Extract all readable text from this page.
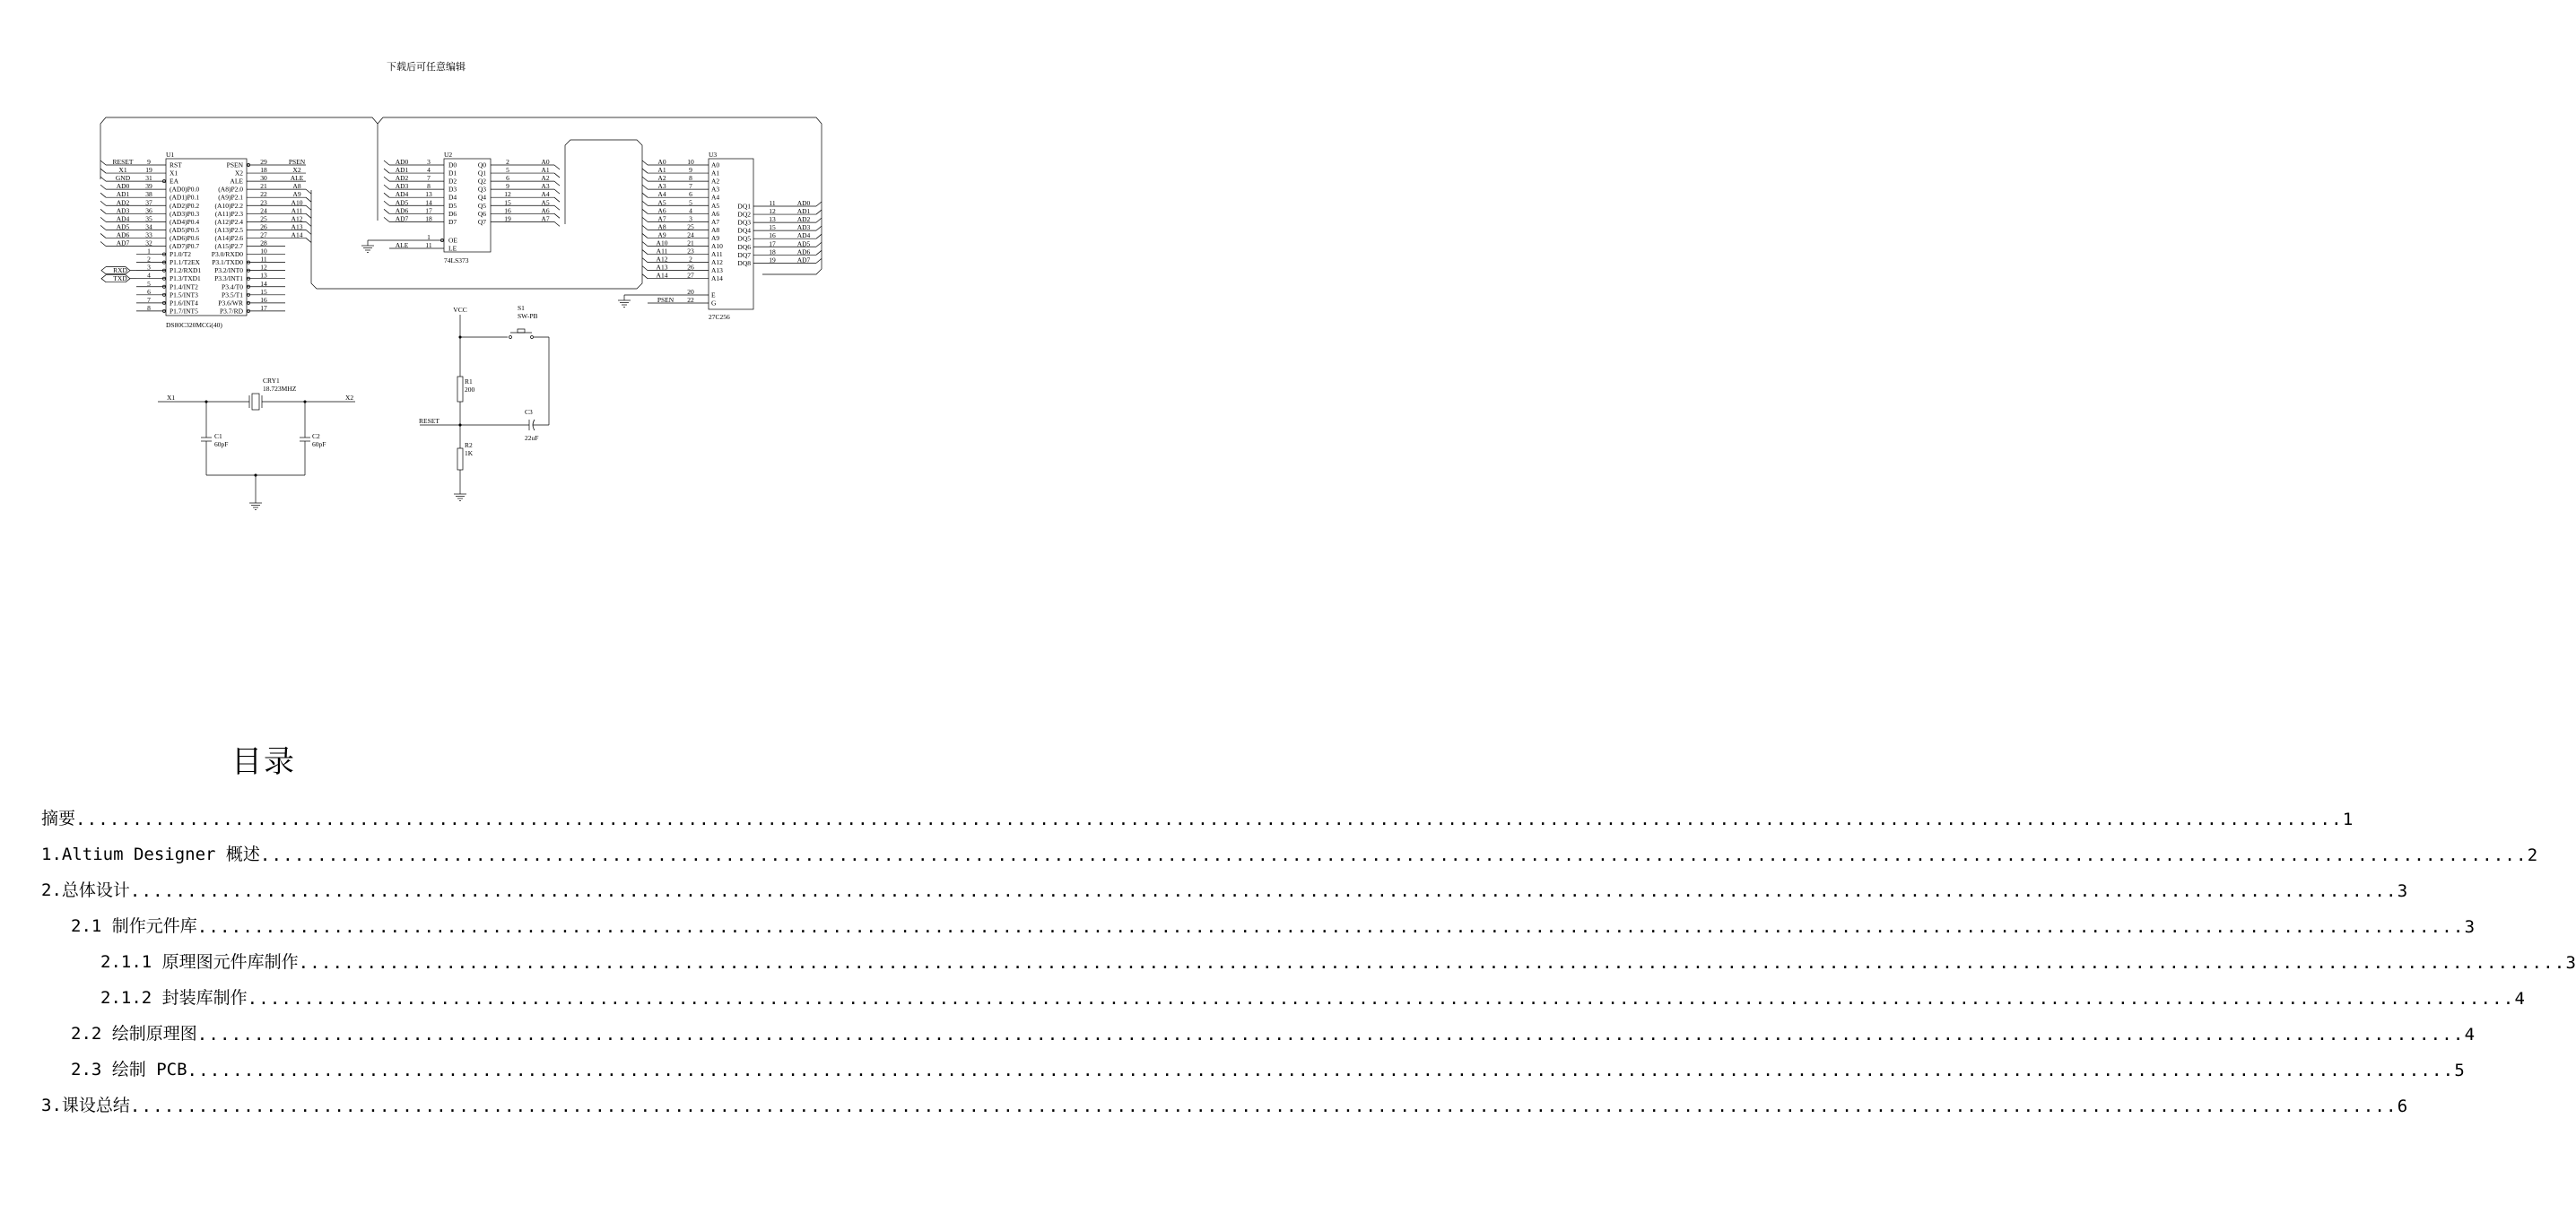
下载后可任意编辑
U1
DS80C320MCG(40)
RST
9
RESET
X1
19
X1
EA
31
GND
(AD0)P0.0
39
AD0
(AD1)P0.1
38
AD1
(AD2)P0.2
37
AD2
(AD3)P0.3
36
AD3
(AD4)P0.4
35
AD4
(AD5)P0.5
34
AD5
(AD6)P0.6
33
AD6
(AD7)P0.7
32
AD7
P1.0/T2
1
P1.1/T2EX
2
P1.2/RXD1
3
P1.3/TXD1
4
P1.4/INT2
5
P1.5/INT3
6
P1.6/INT4
7
P1.7/INT5
8
PSEN	29	PSEN
X2	18	X2
ALE	30	ALE
(A8)P2.0	21	A8
(A9)P2.1	22	A9
(A10)P2.2	23	A10
(A11)P2.3	24	A11
(A12)P2.4	25	A12
(A13)P2.5	26	A13
(A14)P2.6	27	A14
(A15)P2.7	28
P3.0/RXD0	10
P3.1/TXD0	11
P3.2/INT0	12
P3.3/INT1	13
P3.4/T0	14
P3.5/T1	15
P3.6/WR	16
P3.7/RD	17
RXD
TXD
U2
74LS373
D0
3
AD0
D1
4
AD1
D2
7
AD2
D3
8
AD3
D4
13
AD4
D5
14
AD5
D6
17
AD6
D7
18
AD7
1	OE
11 LE
ALE
Q0	2	A0
Q1	5	A1
Q2	6	A2
Q3	9	A3
Q4	12	A4
Q5	15	A5
Q6	16	A6
Q7	19	A7
U3
27C256
A0
10
A0
A1
9
A1
A2
8
A2
A3
7
A3
A4
6
A4
A5
5
A5
A6
4
A6
A7
3
A7
A8
25
A8
A9
24
A9
A10
21
A10
A11
23
A11
A12
2
A12
A13
26
A13
A14
27
A14
20	E
22	G
PSEN
DQ1	11	AD0
DQ2	12	AD1
DQ3	13	AD2
DQ4	15	AD3
DQ5	16	AD4
DQ6	17	AD5
DQ7	18	AD6
DQ8	19	AD7
X1	X2
CRY1
18.723MHZ
C1
60pF
C2
60pF
VCC	S1
SW-PB
R1
200
RESET
C3
22uF
R2
1K
目录
摘要 ........................................................................................................................................................................................................ 1
1.Altium Designer 概述 ........................................................................................................................................................................................................ 2
2.总体设计 ........................................................................................................................................................................................................ 3
2.1 制作元件库 ........................................................................................................................................................................................................ 3
2.1.1 原理图元件库制作 ........................................................................................................................................................................................................ 3
2.1.2 封装库制作 ........................................................................................................................................................................................................ 4
2.2 绘制原理图 ........................................................................................................................................................................................................ 4
2.3 绘制 PCB ........................................................................................................................................................................................................ 5
3.课设总结 ........................................................................................................................................................................................................ 6
